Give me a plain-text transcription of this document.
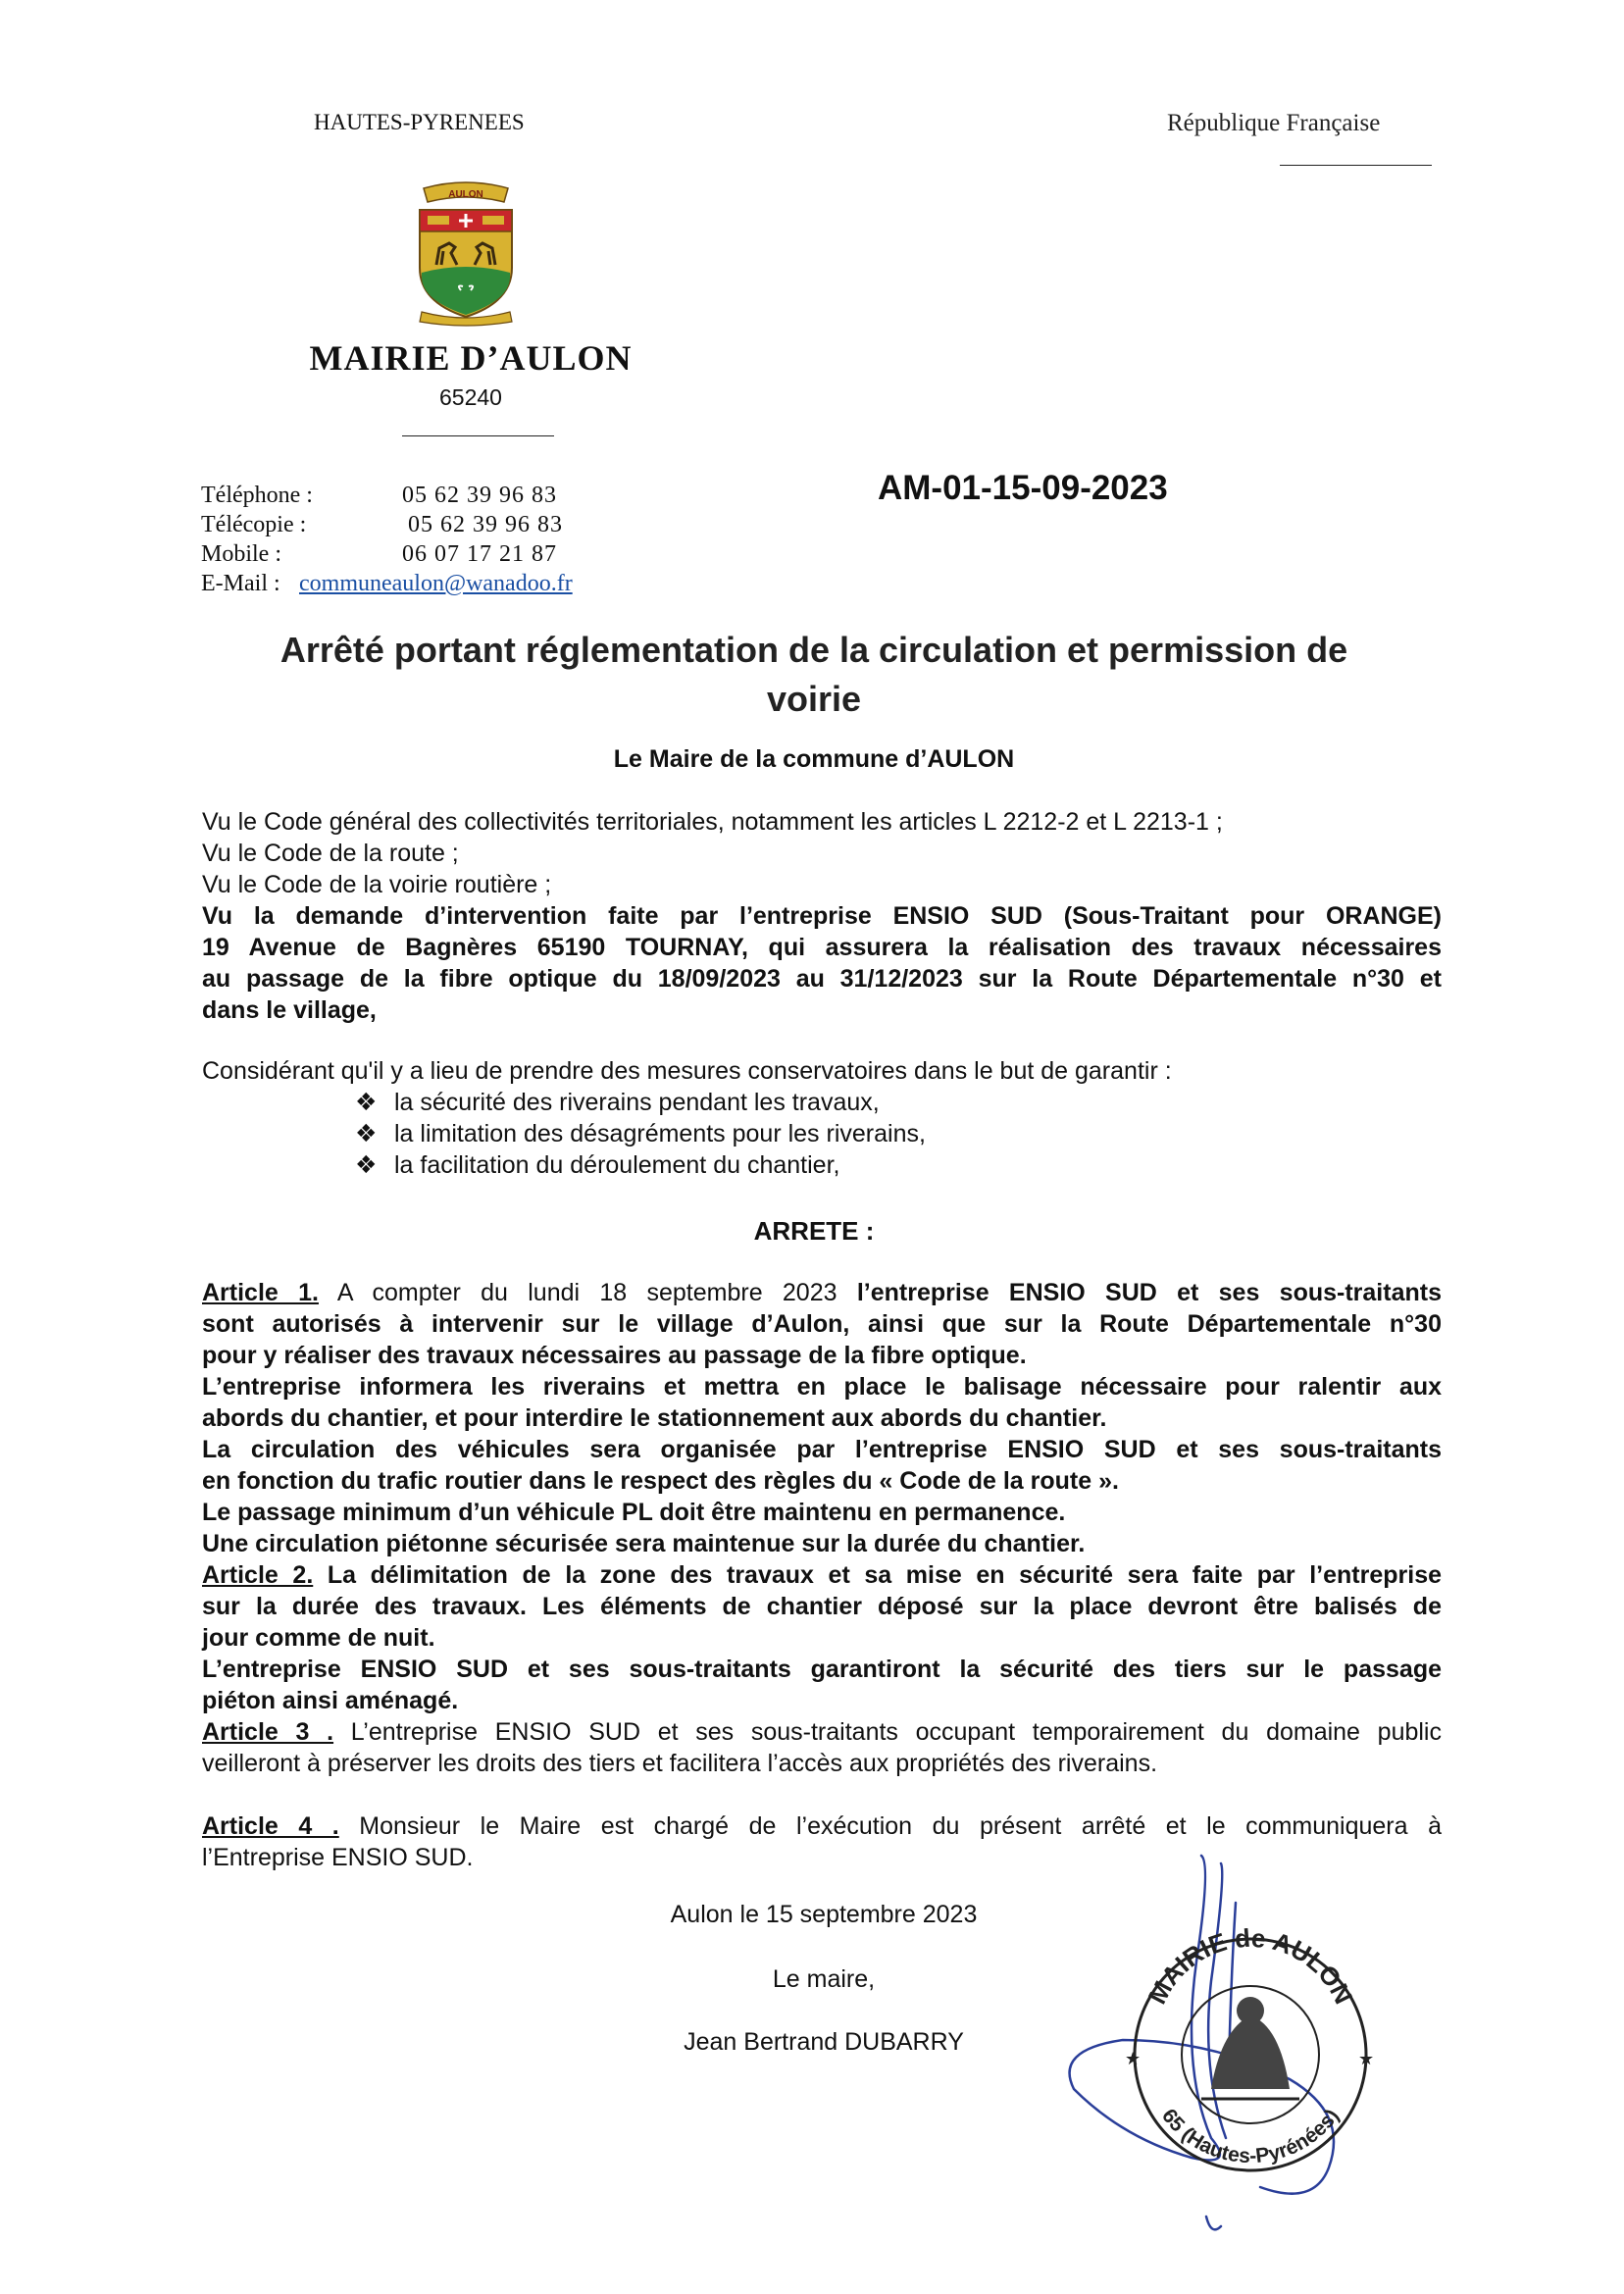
HAUTES-PYRENEES	République Française
AULON
MAIRIE D’AULON
65240
Téléphone :	05 62 39 96 83
Télécopie :	05 62 39 96 83
Mobile :	06 07 17 21 87
E-Mail : communeaulon@wanadoo.fr
AM-01-15-09-2023
Arrêté portant réglementation de la circulation et permission de
voirie
Le Maire de la commune d’AULON
Vu le Code général des collectivités territoriales, notamment les articles L 2212-2 et L 2213-1 ;
Vu le Code de la route ;
Vu le Code de la voirie routière ;
Vu la demande d’intervention faite par l’entreprise ENSIO SUD (Sous-Traitant pour ORANGE)
19 Avenue de Bagnères 65190 TOURNAY, qui assurera la réalisation des travaux nécessaires
au passage de la fibre optique du 18/09/2023 au 31/12/2023 sur la Route Départementale n°30 et
dans le village,
Considérant qu'il y a lieu de prendre des mesures conservatoires dans le but de garantir :
❖ la sécurité des riverains pendant les travaux,
❖ la limitation des désagréments pour les riverains,
❖ la facilitation du déroulement du chantier,
ARRETE :
Article 1. A compter du lundi 18 septembre 2023 l’entreprise ENSIO SUD et ses sous-traitants
sont autorisés à intervenir sur le village d’Aulon, ainsi que sur la Route Départementale n°30
pour y réaliser des travaux nécessaires au passage de la fibre optique.
L’entreprise informera les riverains et mettra en place le balisage nécessaire pour ralentir aux
abords du chantier, et pour interdire le stationnement aux abords du chantier.
La circulation des véhicules sera organisée par l’entreprise ENSIO SUD et ses sous-traitants
en fonction du trafic routier dans le respect des règles du « Code de la route ».
Le passage minimum d’un véhicule PL doit être maintenu en permanence.
Une circulation piétonne sécurisée sera maintenue sur la durée du chantier.
Article 2. La délimitation de la zone des travaux et sa mise en sécurité sera faite par l’entreprise
sur la durée des travaux. Les éléments de chantier déposé sur la place devront être balisés de
jour comme de nuit.
L’entreprise ENSIO SUD et ses sous-traitants garantiront la sécurité des tiers sur le passage
piéton ainsi aménagé.
Article 3 . L’entreprise ENSIO SUD et ses sous-traitants occupant temporairement du domaine public
veilleront à préserver les droits des tiers et facilitera l’accès aux propriétés des riverains.
Article 4 . Monsieur le Maire est chargé de l’exécution du présent arrêté et le communiquera à
l’Entreprise ENSIO SUD.
Aulon le 15 septembre 2023
Le maire,
Jean Bertrand DUBARRY
MAIRIE de AULON
65 (Hautes-Pyrénées)
★	★
